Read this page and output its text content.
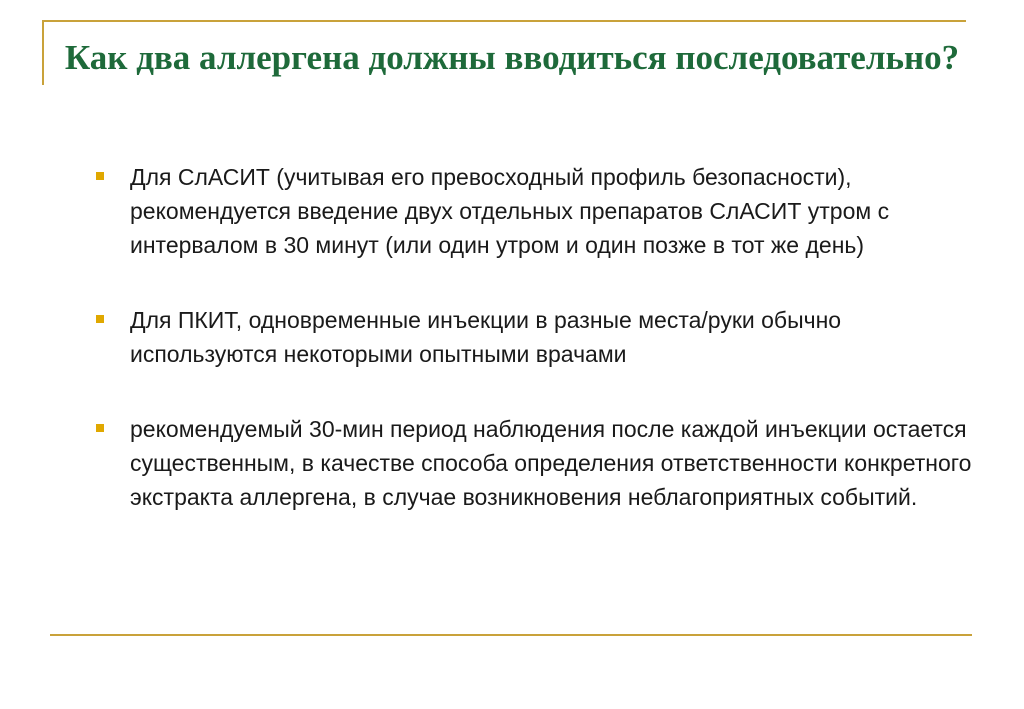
Как два аллергена должны вводиться последовательно?
Для СлАСИТ (учитывая его превосходный профиль безопасности), рекомендуется введение двух отдельных препаратов СлАСИТ утром с интервалом в 30 минут (или один утром и один позже в тот же день)
Для ПКИТ, одновременные инъекции в разные места/руки обычно используются некоторыми опытными врачами
рекомендуемый 30-мин период наблюдения после каждой инъекции остается существенным, в качестве способа определения ответственности конкретного экстракта аллергена, в случае возникновения неблагоприятных событий.
